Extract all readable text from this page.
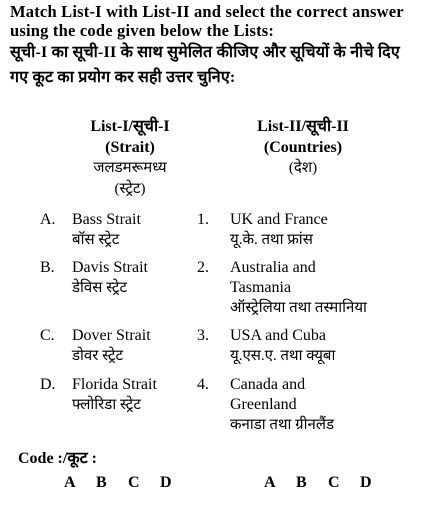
Match List-I with List-II and select the correct answer using the code given below the Lists:
सूची-I का सूची-II के साथ सुमेलित कीजिए और सूचियों के नीचे दिए गए कूट का प्रयोग कर सही उत्तर चुनिए:
List-I/सूची-I
(Strait)
जलडमरूमध्य
(स्ट्रेट)
List-II/सूची-II
(Countries)
(देश)
A. Bass Strait
बॉस स्ट्रेट
B. Davis Strait
डेविस स्ट्रेट
C. Dover Strait
डोवर स्ट्रेट
D. Florida Strait
फ्लोरिडा स्ट्रेट
1. UK and France
यू.के. तथा फ्रांस
2. Australia and
Tasmania
ऑस्ट्रेलिया तथा तस्मानिया
3. USA and Cuba
यू.एस.ए. तथा क्यूबा
4. Canada and
Greenland
कनाडा तथा ग्रीनलैंड
Code :/कूट :
A B C D	A B C D
